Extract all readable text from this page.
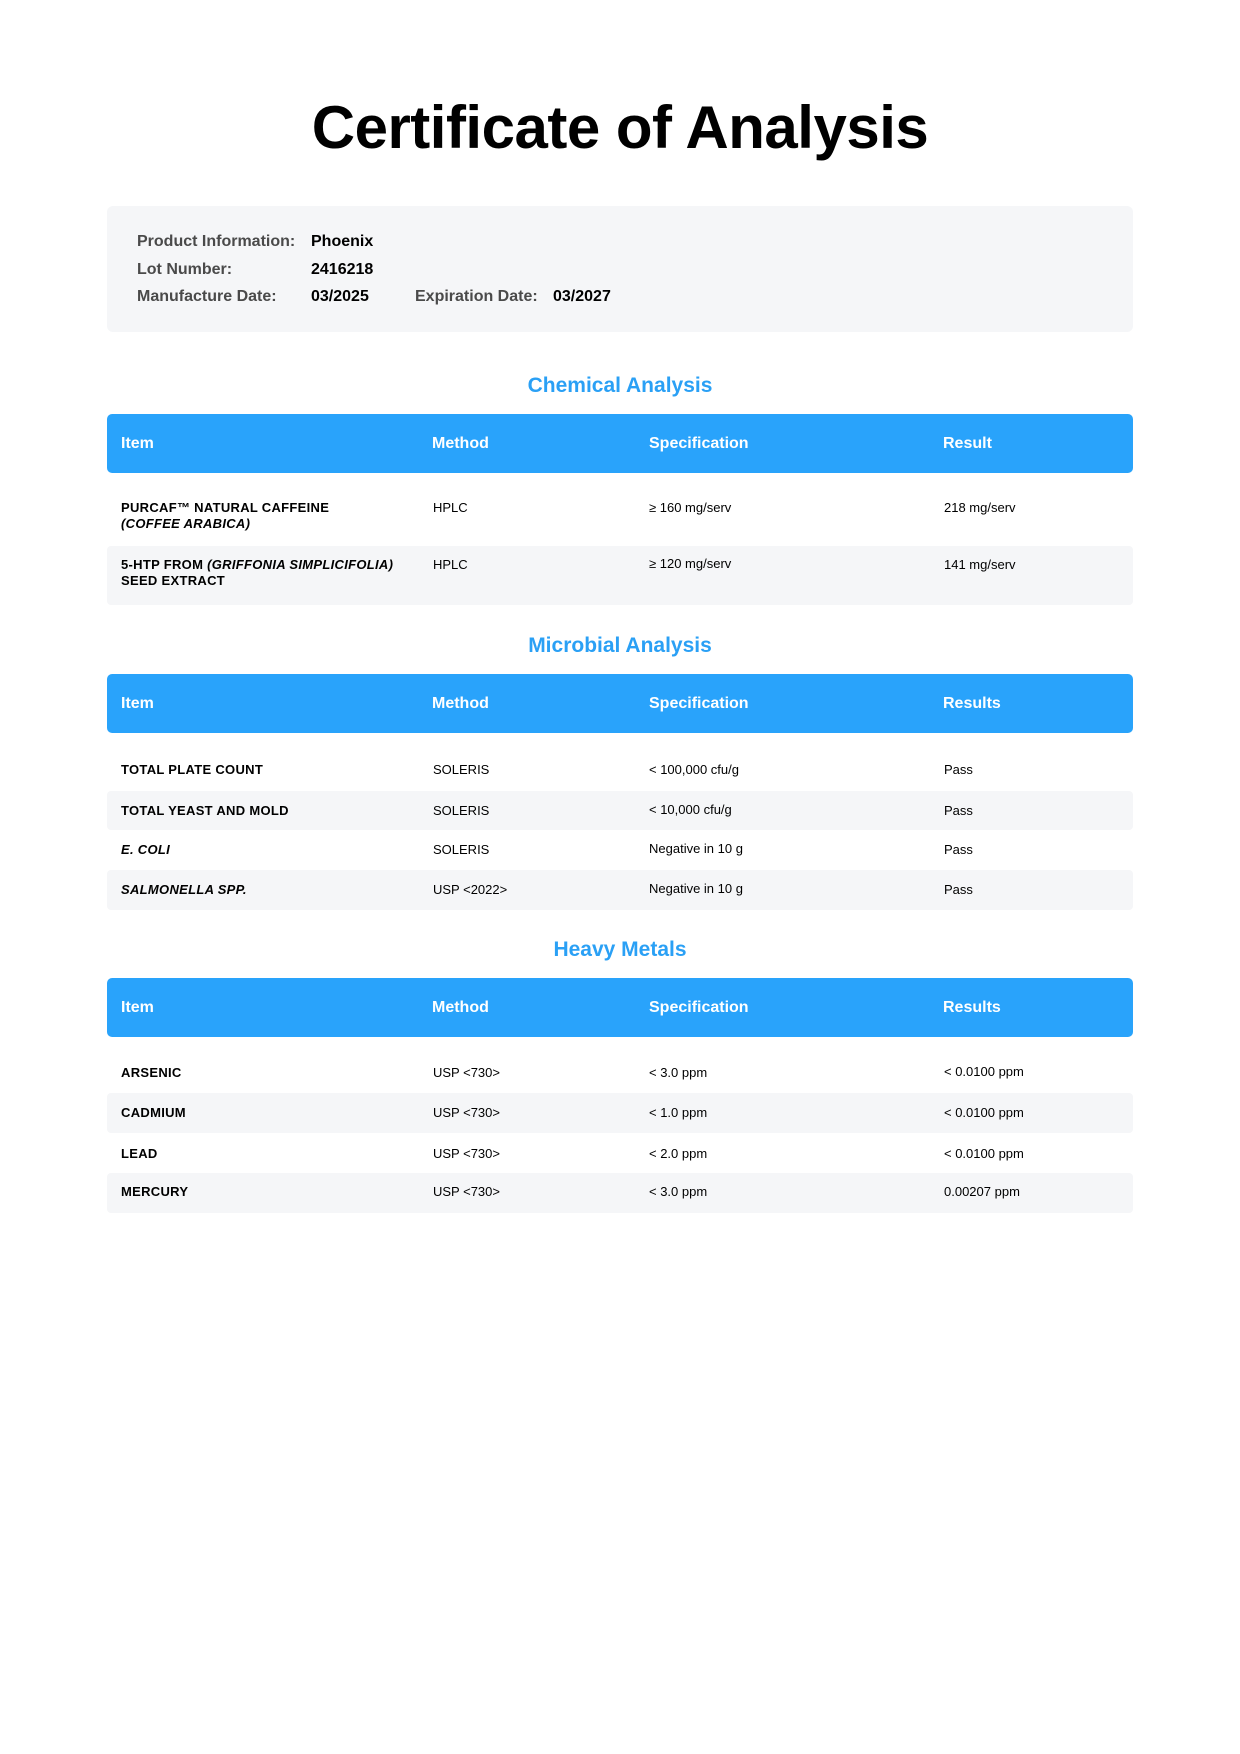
Certificate of Analysis
Product Information: Phoenix
Lot Number:	2416218
Manufacture Date: 03/2025	Expiration Date: 03/2027
Chemical Analysis
Item	Method	Specification	Result
PURCAF™ NATURAL CAFFEINE
(COFFEE ARABICA)
HPLC	≥ 160 mg/serv	218 mg/serv
5-HTP FROM (GRIFFONIA SIMPLICIFOLIA)
SEED EXTRACT
HPLC	≥ 120 mg/serv	141 mg/serv
Microbial Analysis
Item	Method	Specification	Results
TOTAL PLATE COUNT	SOLERIS	< 100,000 cfu/g	Pass
TOTAL YEAST AND MOLD	SOLERIS	< 10,000 cfu/g	Pass
E. COLI	SOLERIS	Negative in 10 g	Pass
SALMONELLA SPP.	USP <2022>	Negative in 10 g	Pass
Heavy Metals
Item	Method	Specification	Results
ARSENIC	USP <730>	< 3.0 ppm	< 0.0100 ppm
CADMIUM	USP <730>	< 1.0 ppm	< 0.0100 ppm
LEAD	USP <730>	< 2.0 ppm	< 0.0100 ppm
MERCURY	USP <730>	< 3.0 ppm	0.00207 ppm
